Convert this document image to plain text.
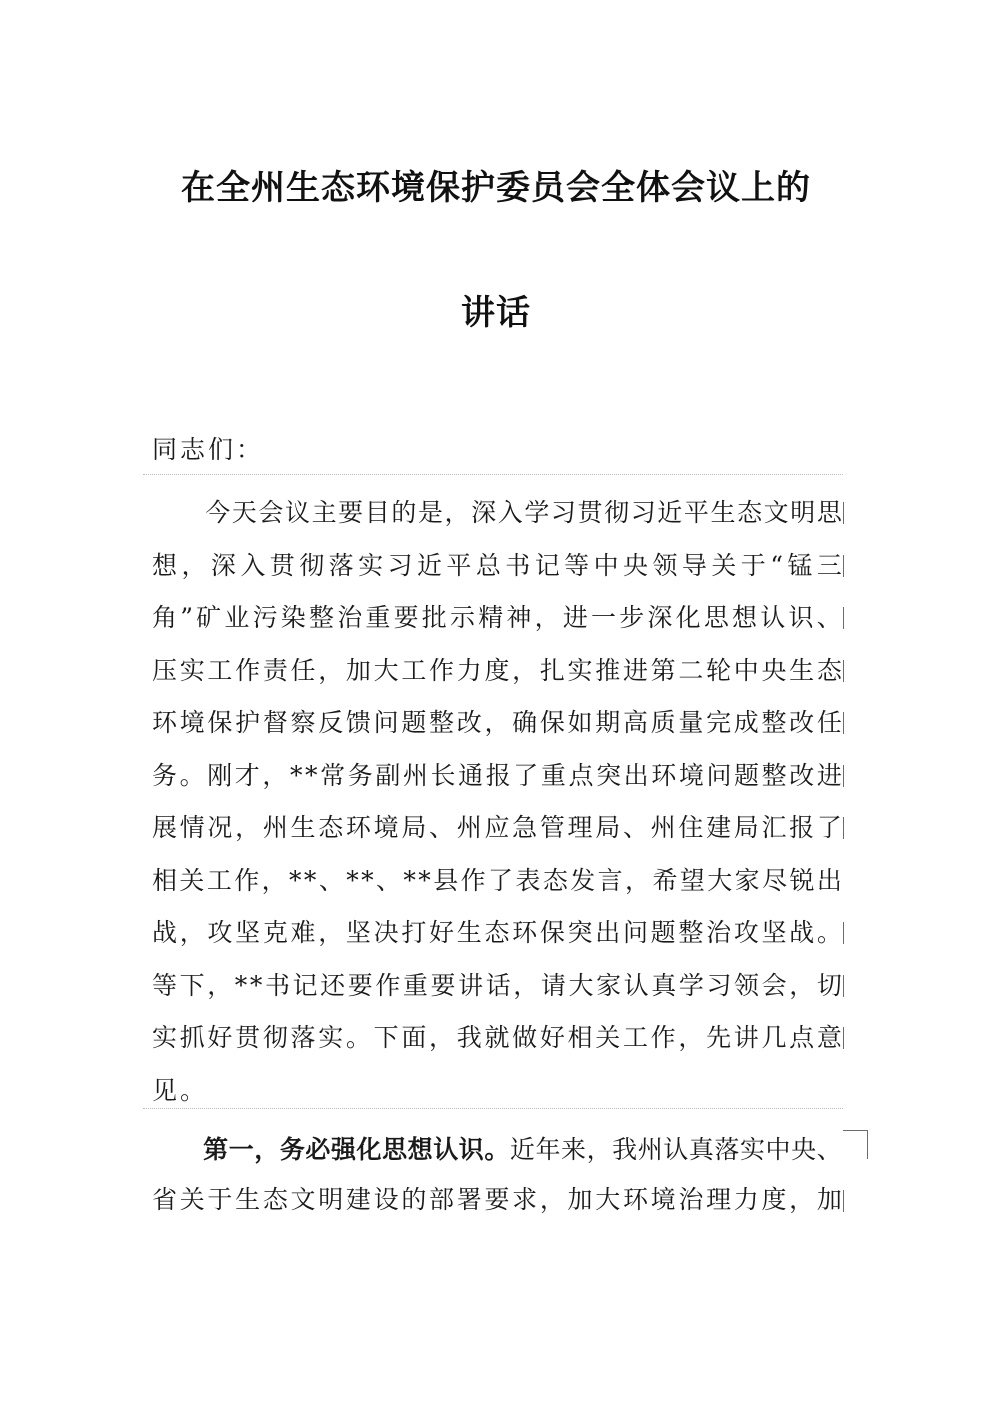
在全州生态环境保护委员会全体会议上的
讲话
同志们：

今 天 会 议 主 要 目 的 是 ， 深 入 学 习 贯 彻 习 近 平 生 态 文 明 思
想 ， 深 入 贯 彻 落 实 习 近 平 总 书 记 等 中 央 领 导 关 于 “ 锰 三
角 ” 矿 业 污 染 整 治 重 要 批 示 精 神 ， 进 一 步 深 化 思 想 认 识 、
压 实 工 作 责 任 ， 加 大 工 作 力 度 ， 扎 实 推 进 第 二 轮 中 央 生 态
环 境 保 护 督 察 反 馈 问 题 整 改 ， 确 保 如 期 高 质 量 完 成 整 改 任
务 。 刚 才 ， * * 常 务 副 州 长 通 报 了 重 点 突 出 环 境 问 题 整 改 进
展 情 况 ， 州 生 态 环 境 局 、 州 应 急 管 理 局 、 州 住 建 局 汇 报 了
相 关 工 作 ， * * 、 * * 、 * * 县 作 了 表 态 发 言 ， 希 望 大 家 尽 锐 出
战 ， 攻 坚 克 难 ， 坚 决 打 好 生 态 环 保 突 出 问 题 整 治 攻 坚 战 。
等 下 ， * * 书 记 还 要 作 重 要 讲 话 ， 请 大 家 认 真 学 习 领 会 ， 切
实 抓 好 贯 彻 落 实 。 下 面 ， 我 就 做 好 相 关 工 作 ， 先 讲 几 点 意
见 。

第 一 ， 务 必 强 化 思 想 认 识 。 近 年 来 ， 我 州 认 真 落 实 中 央 、
省 关 于 生 态 文 明 建 设 的 部 署 要 求 ， 加 大 环 境 治 理 力 度 ， 加
